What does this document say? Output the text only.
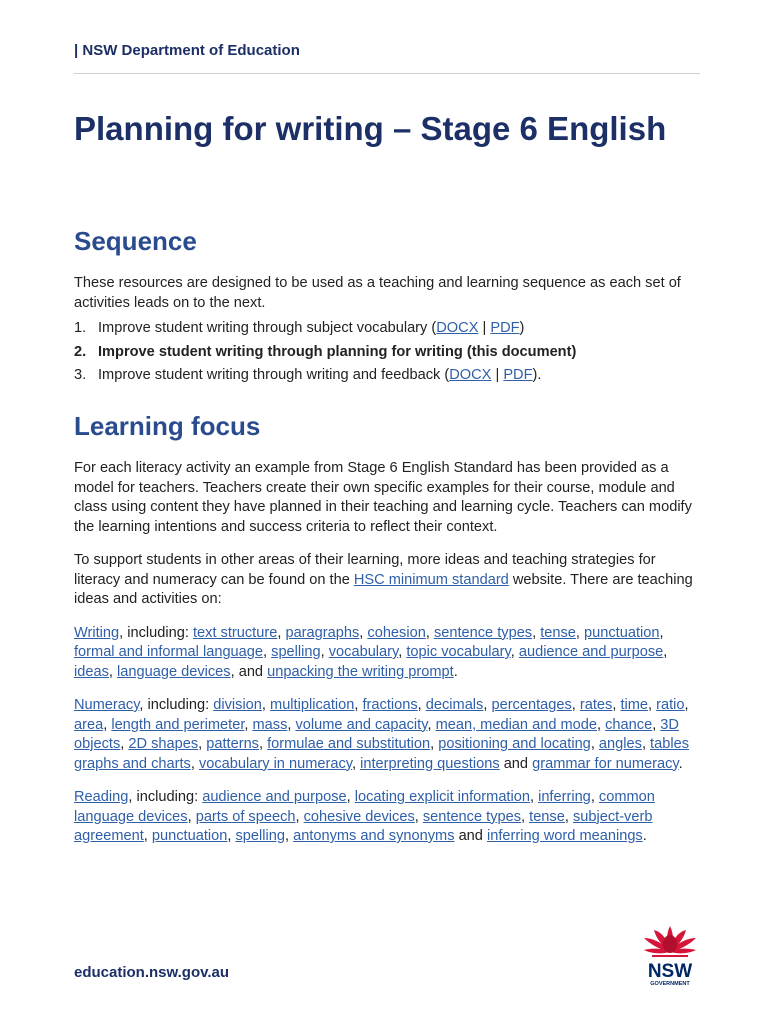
| NSW Department of Education
Planning for writing – Stage 6 English
Sequence

These resources are designed to be used as a teaching and learning sequence as each set of activities leads on to the next.

1. Improve student writing through subject vocabulary (DOCX | PDF)
2. Improve student writing through planning for writing (this document)
3. Improve student writing through writing and feedback (DOCX | PDF).
Learning focus

For each literacy activity an example from Stage 6 English Standard has been provided as a model for teachers. Teachers create their own specific examples for their course, module and class using content they have planned in their teaching and learning cycle. Teachers can modify the learning intentions and success criteria to reflect their context.

To support students in other areas of their learning, more ideas and teaching strategies for literacy and numeracy can be found on the HSC minimum standard website. There are teaching ideas and activities on:

Writing, including: text structure, paragraphs, cohesion, sentence types, tense, punctuation, formal and informal language, spelling, vocabulary, topic vocabulary, audience and purpose, ideas, language devices, and unpacking the writing prompt.

Numeracy, including: division, multiplication, fractions, decimals, percentages, rates, time, ratio, area, length and perimeter, mass, volume and capacity, mean, median and mode, chance, 3D objects, 2D shapes, patterns, formulae and substitution, positioning and locating, angles, tables graphs and charts, vocabulary in numeracy, interpreting questions and grammar for numeracy.

Reading, including: audience and purpose, locating explicit information, inferring, common language devices, parts of speech, cohesive devices, sentence types, tense, subject-verb agreement, punctuation, spelling, antonyms and synonyms and inferring word meanings.

education.nsw.gov.au	NSW
GOVERNMENT
